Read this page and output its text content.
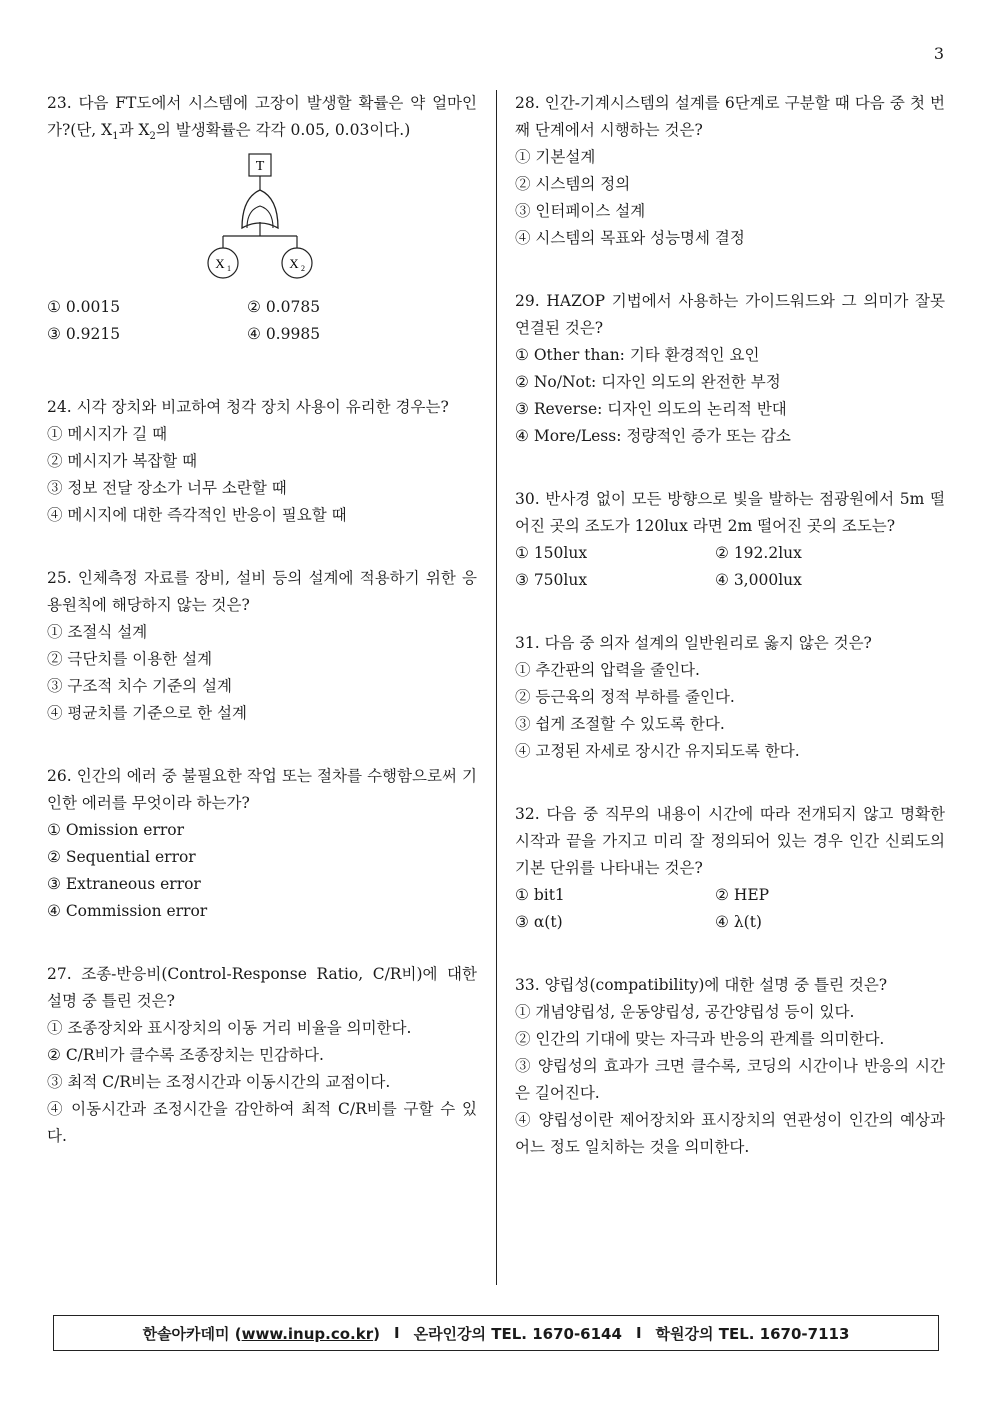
3
23. 다음 FT도에서 시스템에 고장이 발생할 확률은 약 얼마인가?(단, $X_1$과 $X_2$의 발생확률은 각각 0.05, 0.03이다.)
T
X 1	X 2
① 0.0015	② 0.0785
③ 0.9215	④ 0.9985
24. 시각 장치와 비교하여 청각 장치 사용이 유리한 경우는?
① 메시지가 길 때
② 메시지가 복잡할 때
③ 정보 전달 장소가 너무 소란할 때
④ 메시지에 대한 즉각적인 반응이 필요할 때
25. 인체측정 자료를 장비, 설비 등의 설계에 적용하기 위한 응용원칙에 해당하지 않는 것은?
① 조절식 설계
② 극단치를 이용한 설계
③ 구조적 치수 기준의 설계
④ 평균치를 기준으로 한 설계
26. 인간의 에러 중 불필요한 작업 또는 절차를 수행함으로써 기인한 에러를 무엇이라 하는가?
① Omission error
② Sequential error
③ Extraneous error
④ Commission error
27. 조종-반응비(Control-Response Ratio, C/R비)에 대한 설명 중 틀린 것은?
① 조종장치와 표시장치의 이동 거리 비율을 의미한다.
② C/R비가 클수록 조종장치는 민감하다.
③ 최적 C/R비는 조정시간과 이동시간의 교점이다.
④ 이동시간과 조정시간을 감안하여 최적 C/R비를 구할 수 있다.
28. 인간-기계시스템의 설계를 6단계로 구분할 때 다음 중 첫 번째 단계에서 시행하는 것은?
① 기본설계
② 시스템의 정의
③ 인터페이스 설계
④ 시스템의 목표와 성능명세 결정
29. HAZOP 기법에서 사용하는 가이드워드와 그 의미가 잘못 연결된 것은?
① Other than: 기타 환경적인 요인
② No/Not: 디자인 의도의 완전한 부정
③ Reverse: 디자인 의도의 논리적 반대
④ More/Less: 정량적인 증가 또는 감소
30. 반사경 없이 모든 방향으로 빛을 발하는 점광원에서 5m 떨어진 곳의 조도가 120lux 라면 2m 떨어진 곳의 조도는?
① 150lux	② 192.2lux
③ 750lux	④ 3,000lux
31. 다음 중 의자 설계의 일반원리로 옳지 않은 것은?
① 추간판의 압력을 줄인다.
② 등근육의 정적 부하를 줄인다.
③ 쉽게 조절할 수 있도록 한다.
④ 고정된 자세로 장시간 유지되도록 한다.
32. 다음 중 직무의 내용이 시간에 따라 전개되지 않고 명확한 시작과 끝을 가지고 미리 잘 정의되어 있는 경우 인간 신뢰도의 기본 단위를 나타내는 것은?
① bit1	② HEP
③ α(t)	④ λ(t)
33. 양립성(compatibility)에 대한 설명 중 틀린 것은?
① 개념양립성, 운동양립성, 공간양립성 등이 있다.
② 인간의 기대에 맞는 자극과 반응의 관계를 의미한다.
③ 양립성의 효과가 크면 클수록, 코딩의 시간이나 반응의 시간은 길어진다.
④ 양립성이란 제어장치와 표시장치의 연관성이 인간의 예상과 어느 정도 일치하는 것을 의미한다.
한솔아카데미 (www.inup.co.kr) I 온라인강의 TEL. 1670-6144 I 학원강의 TEL. 1670-7113
